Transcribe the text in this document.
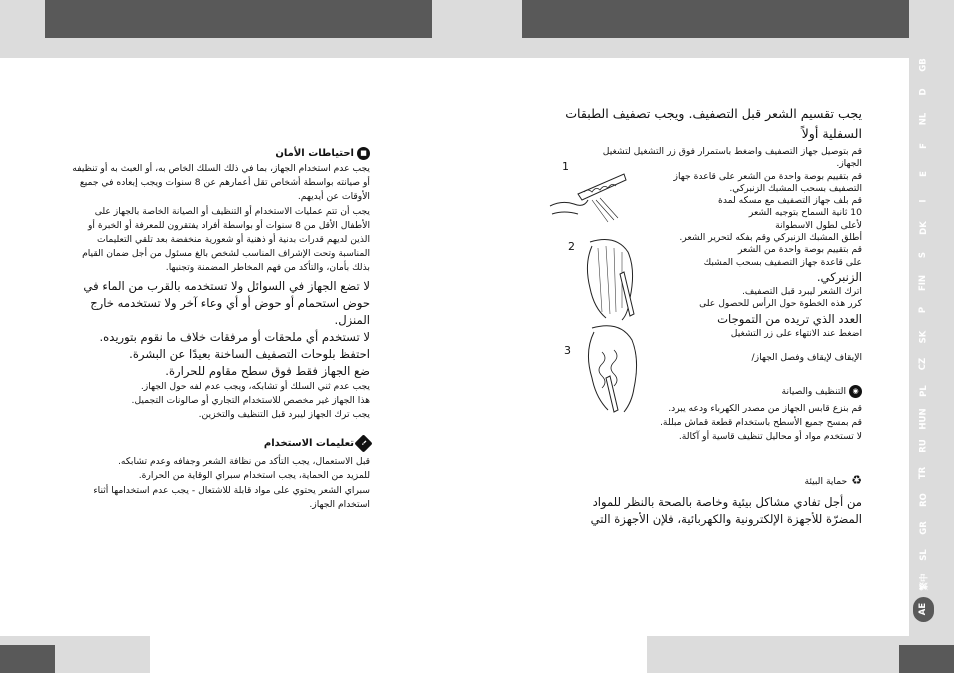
■احتياطات الأمان

يجب عدم استخدام الجهاز، بما في ذلك السلك الخاص به، أو العبث به أو تنظيفه

أو صيانته بواسطة أشخاص تقل أعمارهم عن 8 سنوات ويجب إبعاده في جميع

الأوقات عن أيديهم.

يجب أن تتم عمليات الاستخدام أو التنظيف أو الصيانة الخاصة بالجهاز على

الأطفال الأقل من 8 سنوات أو بواسطة أفراد يفتقرون للمعرفة أو الخبرة أو

الذين لديهم قدرات بدنية أو ذهنية أو شعورية منخفضة بعد تلقي التعليمات

المناسبة وتحت الإشراف المناسب لشخص بالغ مسئول من أجل ضمان القيام

بذلك بأمان، والتأكد من فهم المخاطر المضمنة وتجنبها.

لا تضع الجهاز في السوائل ولا تستخدمه بالقرب من الماء في

حوض استحمام أو حوض أو أي وعاء آخر ولا تستخدمه خارج

المنزل.

لا تستخدم أي ملحقات أو مرفقات خلاف ما نقوم بتوريده.

احتفظ بلوحات التصفيف الساخنة بعيدًا عن البشرة.

ضع الجهاز فقط فوق سطح مقاوم للحرارة.

يجب عدم ثني السلك أو تشابكه، ويجب عدم لفه حول الجهاز.

هذا الجهاز غير مخصص للاستخدام التجاري أو صالونات التجميل.

يجب ترك الجهاز ليبرد قبل التنظيف والتخزين.

!تعليمات الاستخدام

قبل الاستعمال، يجب التأكد من نظافة الشعر وجفافه وعدم تشابكه.

للمزيد من الحماية، يجب استخدام سبراي الوقاية من الحرارة.

سبراي الشعر يحتوي على مواد قابلة للاشتعال - يجب عدم استخدامها أثناء

استخدام الجهاز.

يجب تقسيم الشعر قبل التصفيف. ويجب تصفيف الطبقات

السفلية أولاً

قم بتوصيل جهاز التصفيف واضغط باستمرار فوق زر التشغيل لتشغيل الجهاز.

قم بتقييم بوصة واحدة من الشعر على قاعدة جهاز

التصفيف بسحب المشبك الزنبركي.

قم بلف جهاز التصفيف مع مسكه لمدة

10 ثانية السماح بتوجيه الشعر

لأعلى لطول الاسطوانة

أطلق المشبك الزنبركي وقم بفكه لتحرير الشعر.

قم بتقييم بوصة واحدة من الشعر

على قاعدة جهاز التصفيف بسحب المشبك

الزنبركي.

اترك الشعر ليبرد قبل التصفيف.

كرر هذه الخطوة حول الرأس للحصول على

العدد الذي تريده من التموجات

اضغط عند الانتهاء على زر التشغيل

الإيقاف لإيقاف وفصل الجهاز/

1
2
3
◉التنظيف والصيانة

قم بنزع قابس الجهاز من مصدر الكهرباء ودعه يبرد.

قم بمسح جميع الأسطح باستخدام قطعة قماش مبللة.

لا تستخدم مواد أو محاليل تنظيف قاسية أو آكالة.

♻حماية البيئة

من أجل تفادي مشاكل بيئية وخاصة بالصحة بالنظر للمواد

المضرّة للأجهزة الإلكترونية والكهربائية، فلإن الأجهزة التي

GB
D
NL
F
E
I
DK
S
FIN
P
SK
CZ
PL
HUN
RU
TR
RO
GR
SL
繁中
AE
